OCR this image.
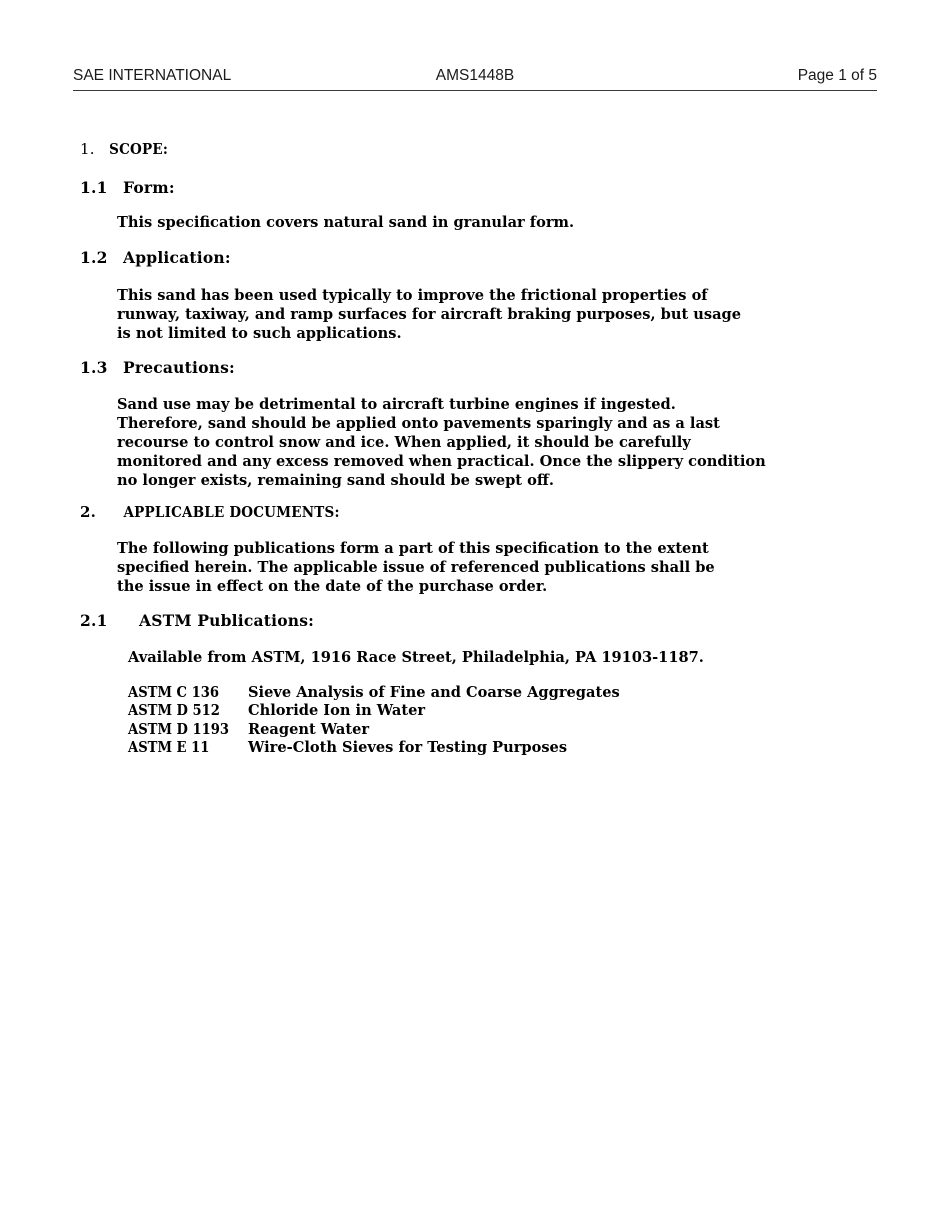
SAE INTERNATIONAL	AMS1448B	Page 1 of 5
1. SCOPE:
1.1 Form:
This specification covers natural sand in granular form.
1.2 Application:
This sand has been used typically to improve the frictional properties of
runway, taxiway, and ramp surfaces for aircraft braking purposes, but usage
is not limited to such applications.
1.3 Precautions:
Sand use may be detrimental to aircraft turbine engines if ingested.
Therefore, sand should be applied onto pavements sparingly and as a last
recourse to control snow and ice. When applied, it should be carefully
monitored and any excess removed when practical. Once the slippery condition
no longer exists, remaining sand should be swept off.
2. APPLICABLE DOCUMENTS:
The following publications form a part of this specification to the extent
specified herein. The applicable issue of referenced publications shall be
the issue in effect on the date of the purchase order.
2.1 ASTM Publications:
Available from ASTM, 1916 Race Street, Philadelphia, PA 19103-1187.
ASTM C 136 Sieve Analysis of Fine and Coarse Aggregates
ASTM D 512 Chloride Ion in Water
ASTM D 1193 Reagent Water
ASTM E 11	Wire-Cloth Sieves for Testing Purposes
